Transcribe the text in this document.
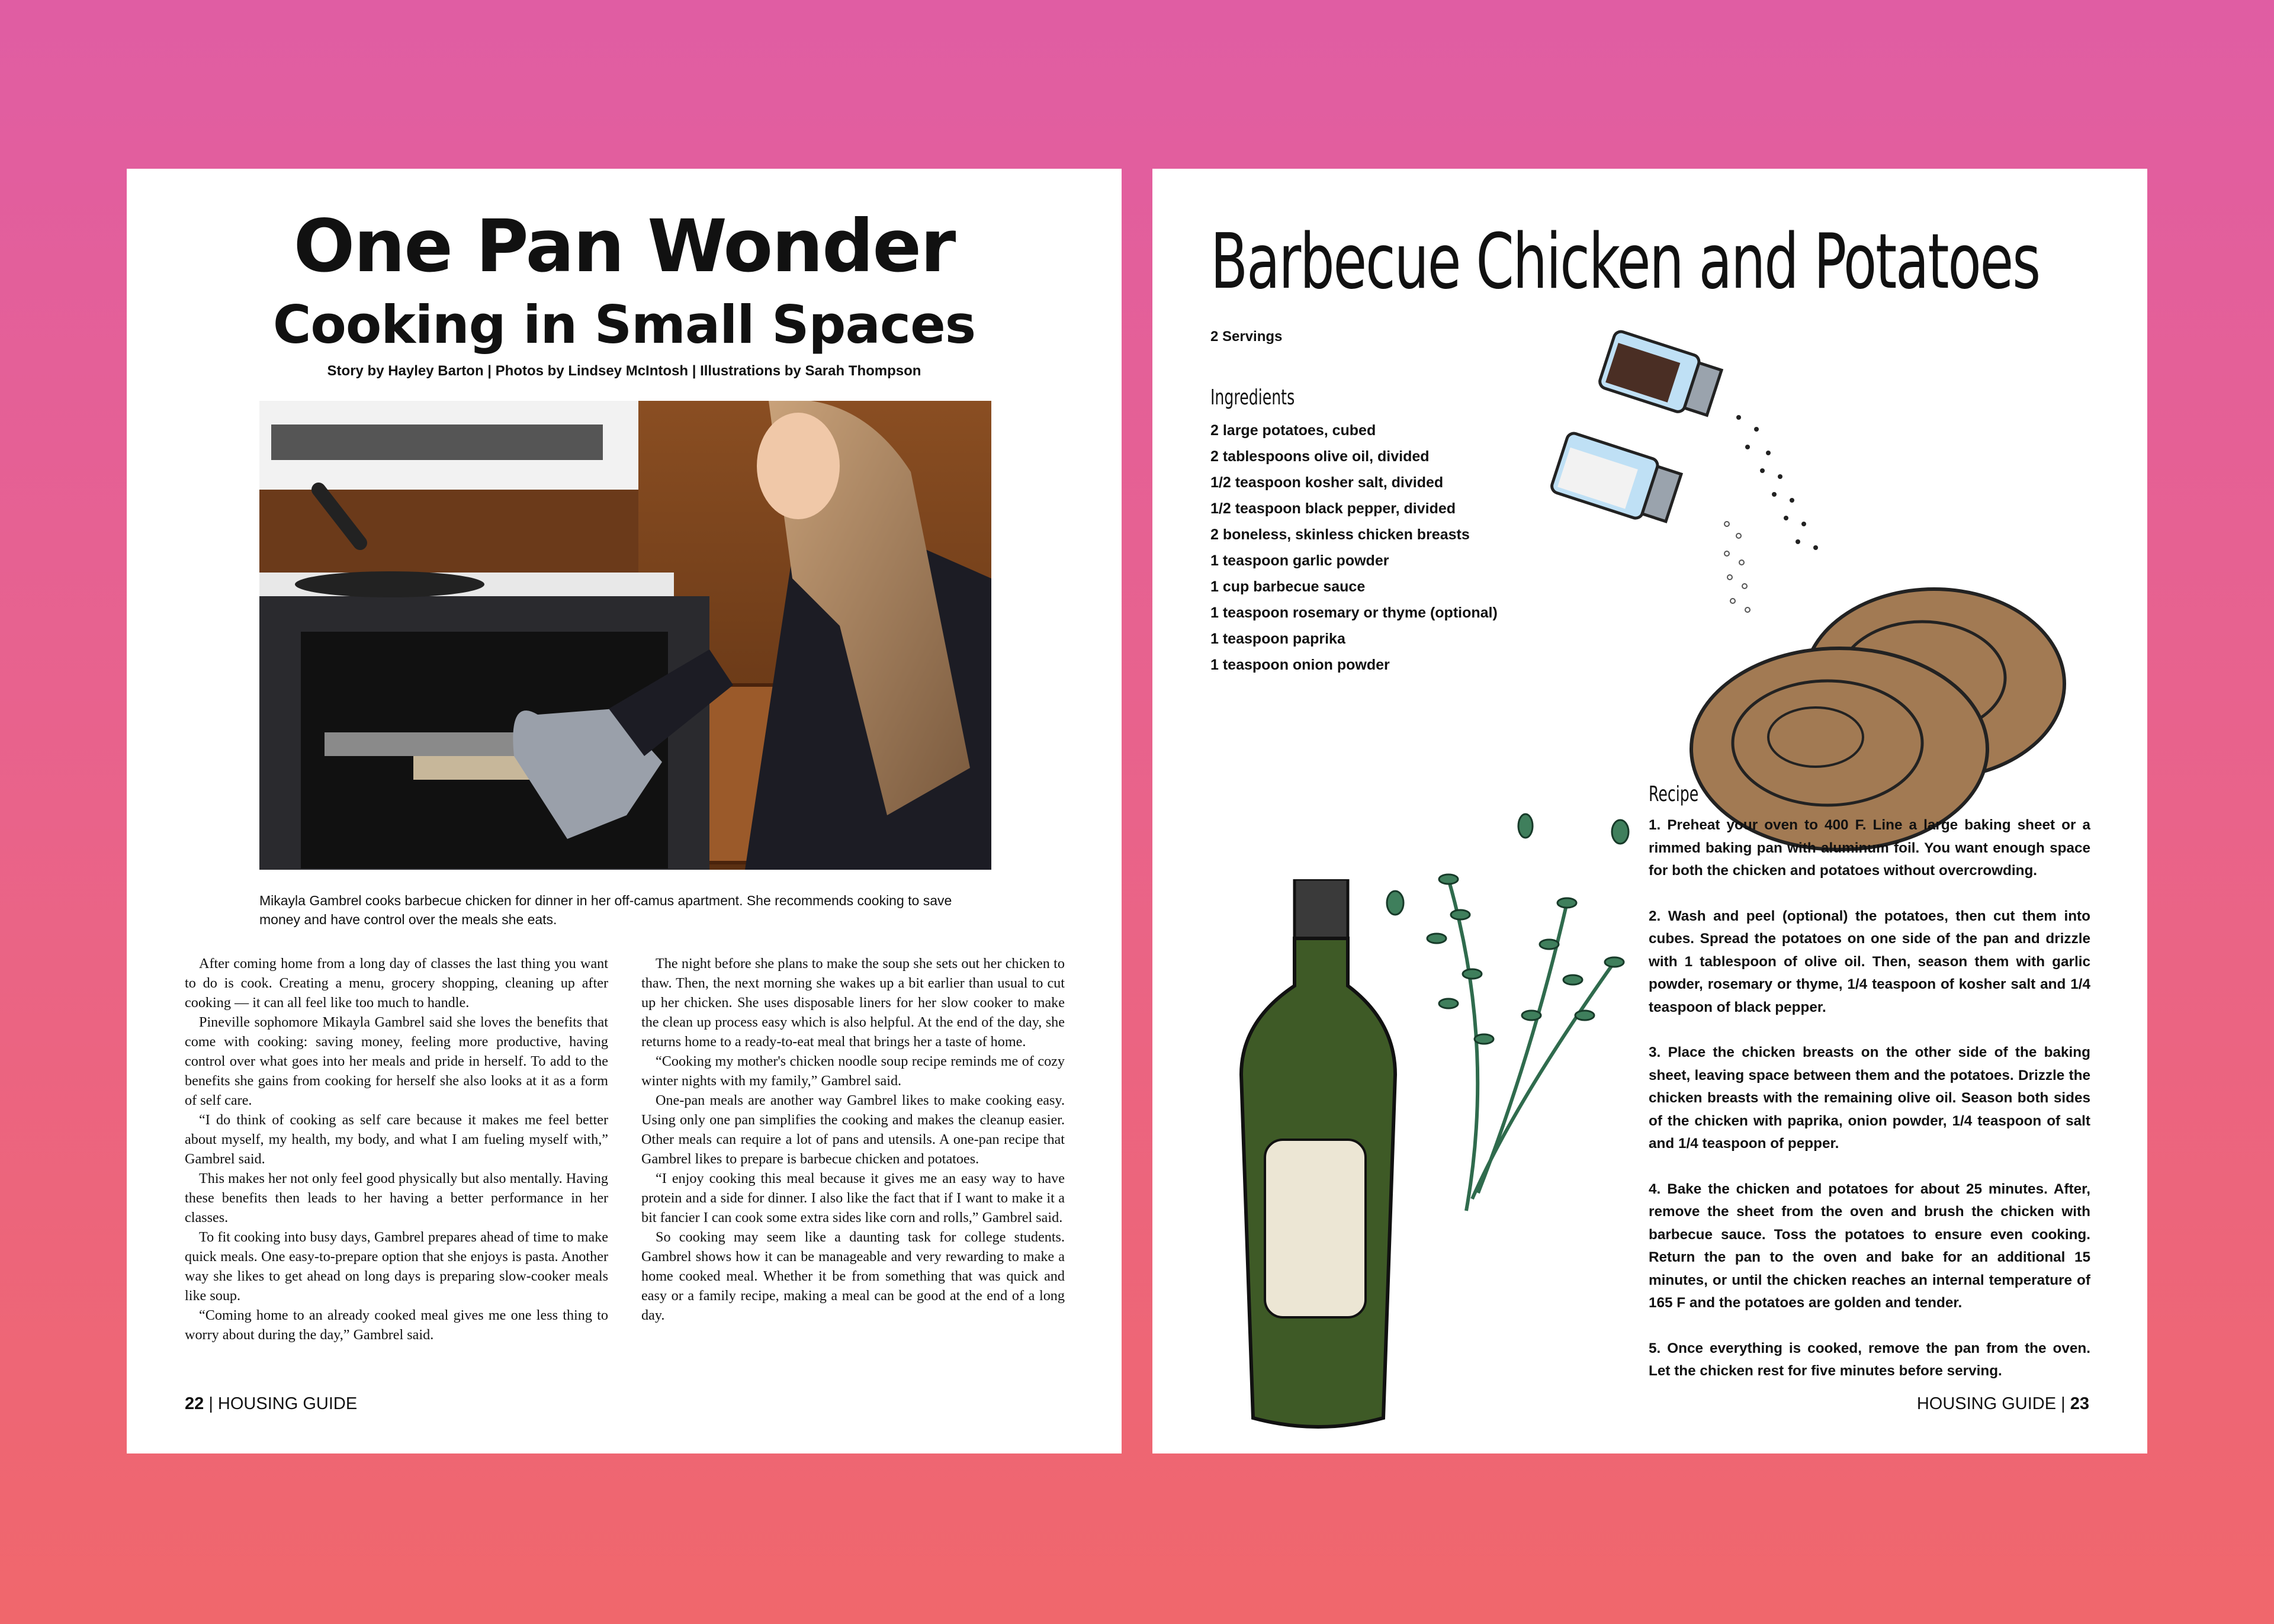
One Pan Wonder
Cooking in Small Spaces
Story by Hayley Barton | Photos by Lindsey McIntosh | Illustrations by Sarah Thompson
Mikayla Gambrel cooks barbecue chicken for dinner in her off-camus apartment. She recommends cooking to save money and have control over the meals she eats.

After coming home from a long day of classes the last thing you want to do is cook. Creating a menu, grocery shopping, cleaning up after cooking — it can all feel like too much to handle.

Pineville sophomore Mikayla Gambrel said she loves the benefits that come with cooking: saving money, feeling more productive, having control over what goes into her meals and pride in herself. To add to the benefits she gains from cooking for herself she also looks at it as a form of self care.

“I do think of cooking as self care because it makes me feel better about myself, my health, my body, and what I am fueling myself with,” Gambrel said.

This makes her not only feel good physically but also mentally. Having these benefits then leads to her having a better performance in her classes.

To fit cooking into busy days, Gambrel prepares ahead of time to make quick meals. One easy-to-prepare option that she enjoys is pasta. Another way she likes to get ahead on long days is preparing slow-cooker meals like soup.

“Coming home to an already cooked meal gives me one less thing to worry about during the day,” Gambrel said.

The night before she plans to make the soup she sets out her chicken to thaw. Then, the next morning she wakes up a bit earlier than usual to cut up her chicken. She uses disposable liners for her slow cooker to make the clean up process easy which is also helpful. At the end of the day, she returns home to a ready-to-eat meal that brings her a taste of home.

“Cooking my mother's chicken noodle soup recipe reminds me of cozy winter nights with my family,” Gambrel said.

One-pan meals are another way Gambrel likes to make cooking easy. Using only one pan simplifies the cooking and makes the cleanup easier. Other meals can require a lot of pans and utensils. A one-pan recipe that Gambrel likes to prepare is barbecue chicken and potatoes.

“I enjoy cooking this meal because it gives me an easy way to have protein and a side for dinner. I also like the fact that if I want to make it a bit fancier I can cook some extra sides like corn and rolls,” Gambrel said.

So cooking may seem like a daunting task for college students. Gambrel shows how it can be manageable and very rewarding to make a home cooked meal. Whether it be from something that was quick and easy or a family recipe, making a meal can be good at the end of a long day.

22 | HOUSING GUIDE
Barbecue Chicken and Potatoes
2 Servings
Ingredients
2 large potatoes, cubed
2 tablespoons olive oil, divided
1/2 teaspoon kosher salt, divided
1/2 teaspoon black pepper, divided
2 boneless, skinless chicken breasts
1 teaspoon garlic powder
1 cup barbecue sauce
1 teaspoon rosemary or thyme (optional)
1 teaspoon paprika
1 teaspoon onion powder
Recipe

1. Preheat your oven to 400 F. Line a large baking sheet or a rimmed baking pan with aluminum foil. You want enough space for both the chicken and potatoes without overcrowding.

2. Wash and peel (optional) the potatoes, then cut them into cubes. Spread the potatoes on one side of the pan and drizzle with 1 tablespoon of olive oil. Then, season them with garlic powder, rosemary or thyme, 1/4 teaspoon of kosher salt and 1/4 teaspoon of black pepper.

3. Place the chicken breasts on the other side of the baking sheet, leaving space between them and the potatoes. Drizzle the chicken breasts with the remaining olive oil. Season both sides of the chicken with paprika, onion powder, 1/4 teaspoon of salt and 1/4 teaspoon of pepper.

4. Bake the chicken and potatoes for about 25 minutes. After, remove the sheet from the oven and brush the chicken with barbecue sauce. Toss the potatoes to ensure even cooking. Return the pan to the oven and bake for an additional 15 minutes, or until the chicken reaches an internal temperature of 165 F and the potatoes are golden and tender.

5. Once everything is cooked, remove the pan from the oven. Let the chicken rest for five minutes before serving.

HOUSING GUIDE | 23
